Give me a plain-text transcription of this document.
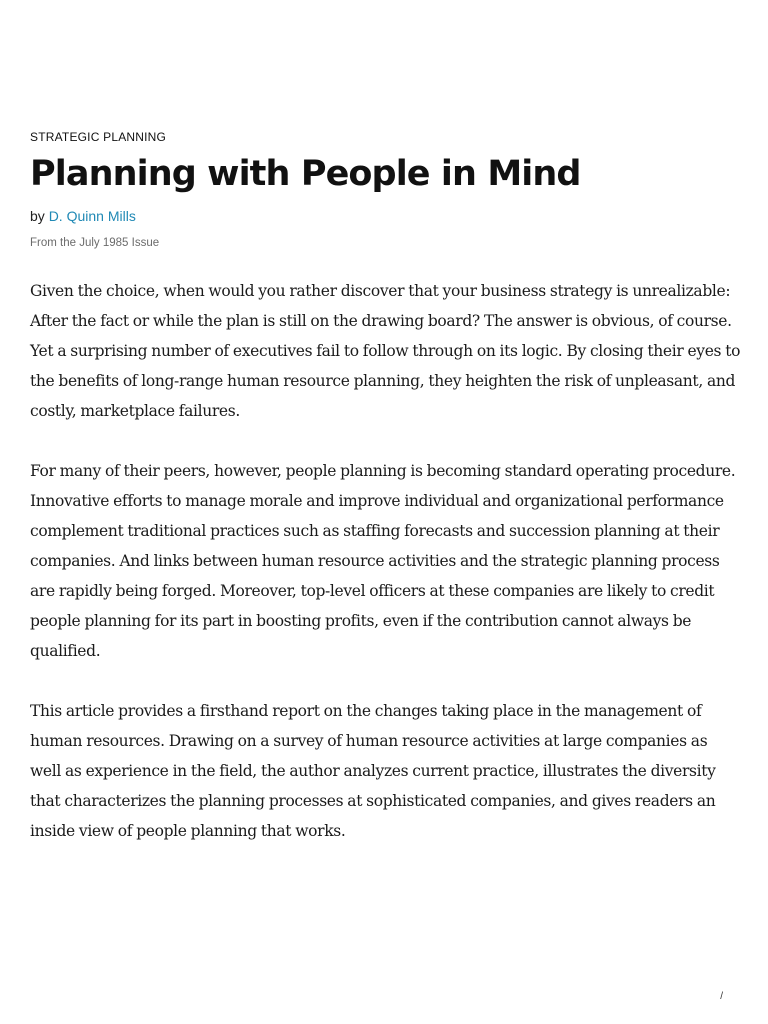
STRATEGIC PLANNING
Planning with People in Mind
by D. Quinn Mills
From the July 1985 Issue

Given the choice, when would you rather discover that your business strategy is unrealizable: After the fact or while the plan is still on the drawing board? The answer is obvious, of course. Yet a surprising number of executives fail to follow through on its logic. By closing their eyes to the benefits of long-range human resource planning, they heighten the risk of unpleasant, and costly, marketplace failures.

For many of their peers, however, people planning is becoming standard operating procedure. Innovative efforts to manage morale and improve individual and organizational performance complement traditional practices such as staffing forecasts and succession planning at their companies. And links between human resource activities and the strategic planning process are rapidly being forged. Moreover, top-level officers at these companies are likely to credit people planning for its part in boosting profits, even if the contribution cannot always be qualified.

This article provides a firsthand report on the changes taking place in the management of human resources. Drawing on a survey of human resource activities at large companies as well as experience in the field, the author analyzes current practice, illustrates the diversity that characterizes the planning processes at sophisticated companies, and gives readers an inside view of people planning that works.

/
